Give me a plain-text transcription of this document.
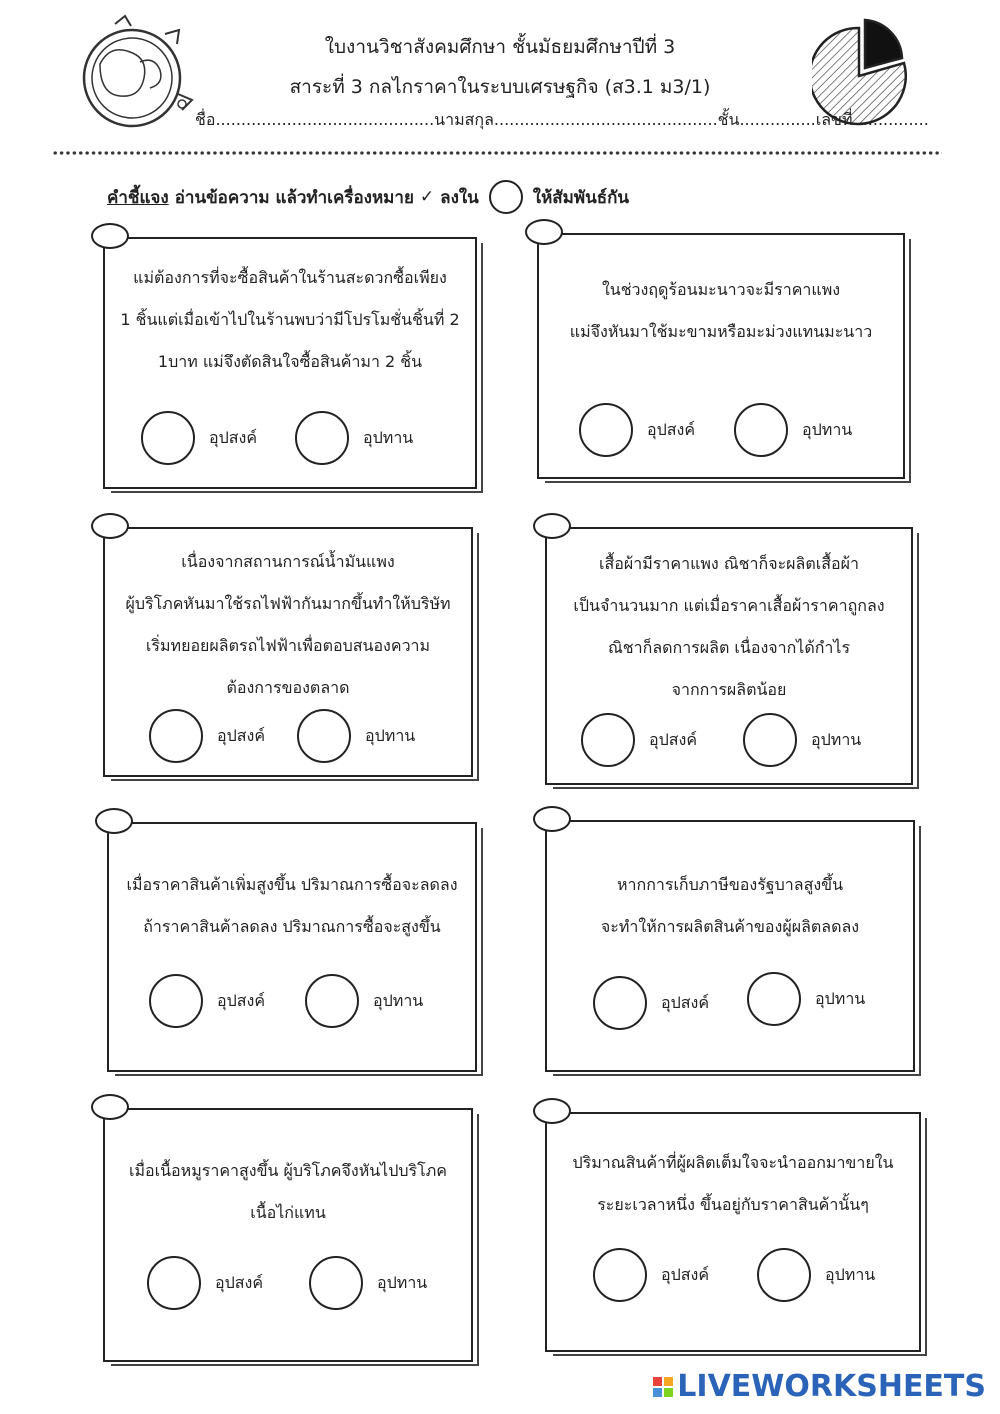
ใบงานวิชาสังคมศึกษา ชั้นมัธยมศึกษาปีที่ 3
สาระที่ 3 กลไกราคาในระบบเศรษฐกิจ (ส3.1 ม3/1)
ชื่อ...........................................นามสกุล............................................ชั้น...............เลขที่...............
คำชี้แจง อ่านข้อความ แล้วทำเครื่องหมาย ✓ ลงใน	ให้สัมพันธ์กัน
แม่ต้องการที่จะซื้อสินค้าในร้านสะดวกซื้อเพียง
1 ชิ้นแต่เมื่อเข้าไปในร้านพบว่ามีโปรโมชั่นชิ้นที่ 2
1บาท แม่จึงตัดสินใจซื้อสินค้ามา 2 ชิ้น
อุปสงค์	อุปทาน
ในช่วงฤดูร้อนมะนาวจะมีราคาแพง
แม่จึงหันมาใช้มะขามหรือมะม่วงแทนมะนาว
อุปสงค์	อุปทาน
เนื่องจากสถานการณ์น้ำมันแพง
ผู้บริโภคหันมาใช้รถไฟฟ้ากันมากขึ้นทำให้บริษัท
เริ่มทยอยผลิตรถไฟฟ้าเพื่อตอบสนองความ
ต้องการของตลาด
อุปสงค์	อุปทาน
เสื้อผ้ามีราคาแพง ณิชาก็จะผลิตเสื้อผ้า
เป็นจำนวนมาก แต่เมื่อราคาเสื้อผ้าราคาถูกลง
ณิชาก็ลดการผลิต เนื่องจากได้กำไร
จากการผลิตน้อย
อุปสงค์	อุปทาน
เมื่อราคาสินค้าเพิ่มสูงขึ้น ปริมาณการซื้อจะลดลง
ถ้าราคาสินค้าลดลง ปริมาณการซื้อจะสูงขึ้น
อุปสงค์	อุปทาน
หากการเก็บภาษีของรัฐบาลสูงขึ้น
จะทำให้การผลิตสินค้าของผู้ผลิตลดลง
อุปสงค์	อุปทาน
เมื่อเนื้อหมูราคาสูงขึ้น ผู้บริโภคจึงหันไปบริโภค
เนื้อไก่แทน
อุปสงค์	อุปทาน
ปริมาณสินค้าที่ผู้ผลิตเต็มใจจะนำออกมาขายใน
ระยะเวลาหนึ่ง ขึ้นอยู่กับราคาสินค้านั้นๆ
อุปสงค์	อุปทาน
LIVEWORKSHEETS
